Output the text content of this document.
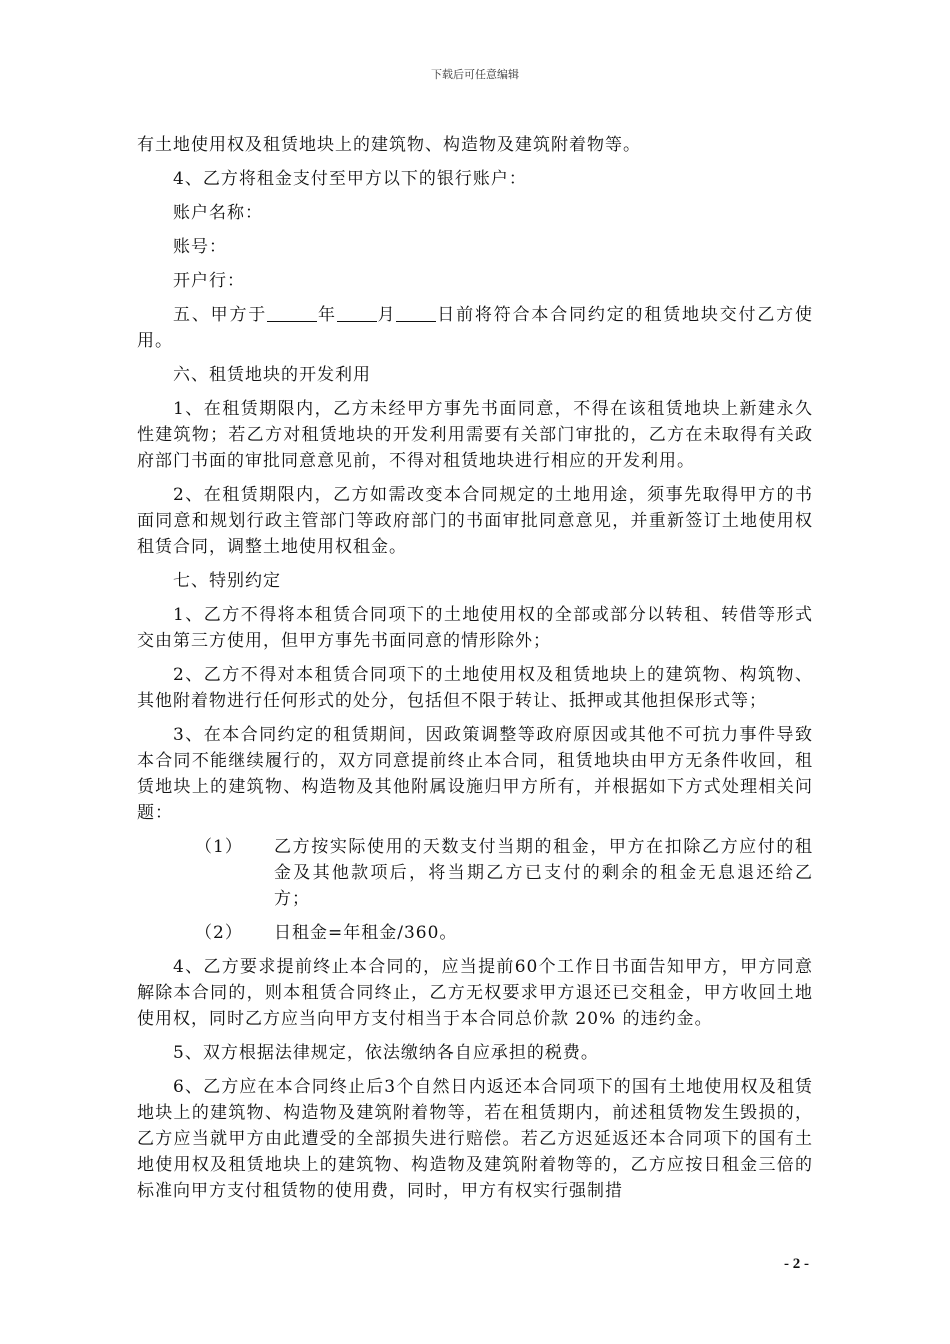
下载后可任意编辑

有土地使用权及租赁地块上的建筑物、构造物及建筑附着物等。

4、乙方将租金支付至甲方以下的银行账户：

账户名称：

账号：

开户行：

五、甲方于	年 月 日前将符合本合同约定的租赁地块交付乙方使用。

六、租赁地块的开发利用

1、在租赁期限内，乙方未经甲方事先书面同意，不得在该租赁地块上新建永久性建筑物；若乙方对租赁地块的开发利用需要有关部门审批的，乙方在未取得有关政府部门书面的审批同意意见前，不得对租赁地块进行相应的开发利用。

2、在租赁期限内，乙方如需改变本合同规定的土地用途，须事先取得甲方的书面同意和规划行政主管部门等政府部门的书面审批同意意见，并重新签订土地使用权租赁合同，调整土地使用权租金。

七、特别约定

1、乙方不得将本租赁合同项下的土地使用权的全部或部分以转租、转借等形式交由第三方使用，但甲方事先书面同意的情形除外；

2、乙方不得对本租赁合同项下的土地使用权及租赁地块上的建筑物、构筑物、其他附着物进行任何形式的处分，包括但不限于转让、抵押或其他担保形式等；

3、在本合同约定的租赁期间，因政策调整等政府原因或其他不可抗力事件导致本合同不能继续履行的，双方同意提前终止本合同，租赁地块由甲方无条件收回，租赁地块上的建筑物、构造物及其他附属设施归甲方所有，并根据如下方式处理相关问题：

（1）	乙方按实际使用的天数支付当期的租金，甲方在扣除乙方应付的租金及其他款项后，将当期乙方已支付的剩余的租金无息退还给乙方；
（2）	日租金=年租金/360。

4、乙方要求提前终止本合同的，应当提前60个工作日书面告知甲方，甲方同意解除本合同的，则本租赁合同终止，乙方无权要求甲方退还已交租金，甲方收回土地使用权，同时乙方应当向甲方支付相当于本合同总价款 20% 的违约金。

5、双方根据法律规定，依法缴纳各自应承担的税费。

6、乙方应在本合同终止后3个自然日内返还本合同项下的国有土地使用权及租赁地块上的建筑物、构造物及建筑附着物等，若在租赁期内，前述租赁物发生毁损的，乙方应当就甲方由此遭受的全部损失进行赔偿。若乙方迟延返还本合同项下的国有土地使用权及租赁地块上的建筑物、构造物及建筑附着物等的，乙方应按日租金三倍的标准向甲方支付租赁物的使用费，同时，甲方有权实行强制措

- 2 -
